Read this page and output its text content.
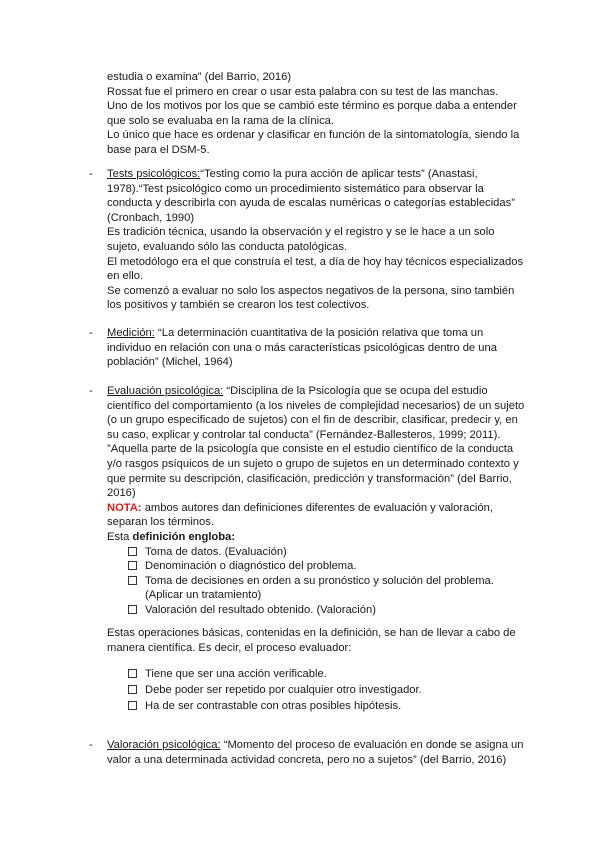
estudia o examina” (del Barrio, 2016)

Rossat fue el primero en crear o usar esta palabra con su test de las manchas.

Uno de los motivos por los que se cambió este término es porque daba a entender

que solo se evaluaba en la rama de la clínica.

Lo único que hace es ordenar y clasificar en función de la sintomatología, siendo la

base para el DSM-5.

- Tests psicológicos:“Testing como la pura acción de aplicar tests” (Anastasi,

1978).“Test psicológico como un procedimiento sistemático para observar la

conducta y describirla con ayuda de escalas numéricas o categorías establecidas”

(Cronbach, 1990)

Es tradición técnica, usando la observación y el registro y se le hace a un solo

sujeto, evaluando sólo las conducta patológicas.

El metodólogo era el que construía el test, a día de hoy hay técnicos especializados

en ello.

Se comenzó a evaluar no solo los aspectos negativos de la persona, sino también

los positivos y también se crearon los test colectivos.

- Medición: “La determinación cuantitativa de la posición relativa que toma un

individuo en relación con una o más características psicológicas dentro de una

población” (Michel, 1964)

- Evaluación psicológica: “Disciplina de la Psicología que se ocupa del estudio

científico del comportamiento (a los niveles de complejidad necesarios) de un sujeto

(o un grupo especificado de sujetos) con el fin de describir, clasificar, predecir y, en

su caso, explicar y controlar tal conducta” (Fernández-Ballesteros, 1999; 2011).

”Aquella parte de la psicología que consiste en el estudio científico de la conducta

y/o rasgos psíquicos de un sujeto o grupo de sujetos en un determinado contexto y

que permite su descripción, clasificación, predicción y transformación” (del Barrio,

2016)

NOTA: ambos autores dan definiciones diferentes de evaluación y valoración,

separan los términos.

Esta definición engloba:

Toma de datos. (Evaluación)
Denominación o diagnóstico del problema.
Toma de decisiones en orden a su pronóstico y solución del problema.
(Aplicar un tratamiento)
Valoración del resultado obtenido. (Valoración)

Estas operaciones básicas, contenidas en la definición, se han de llevar a cabo de

manera científica. Es decir, el proceso evaluador:

Tiene que ser una acción verificable.
Debe poder ser repetido por cualquier otro investigador.
Ha de ser contrastable con otras posibles hipótesis.
- Valoración psicológica: “Momento del proceso de evaluación en donde se asigna un

valor a una determinada actividad concreta, pero no a sujetos” (del Barrio, 2016)
